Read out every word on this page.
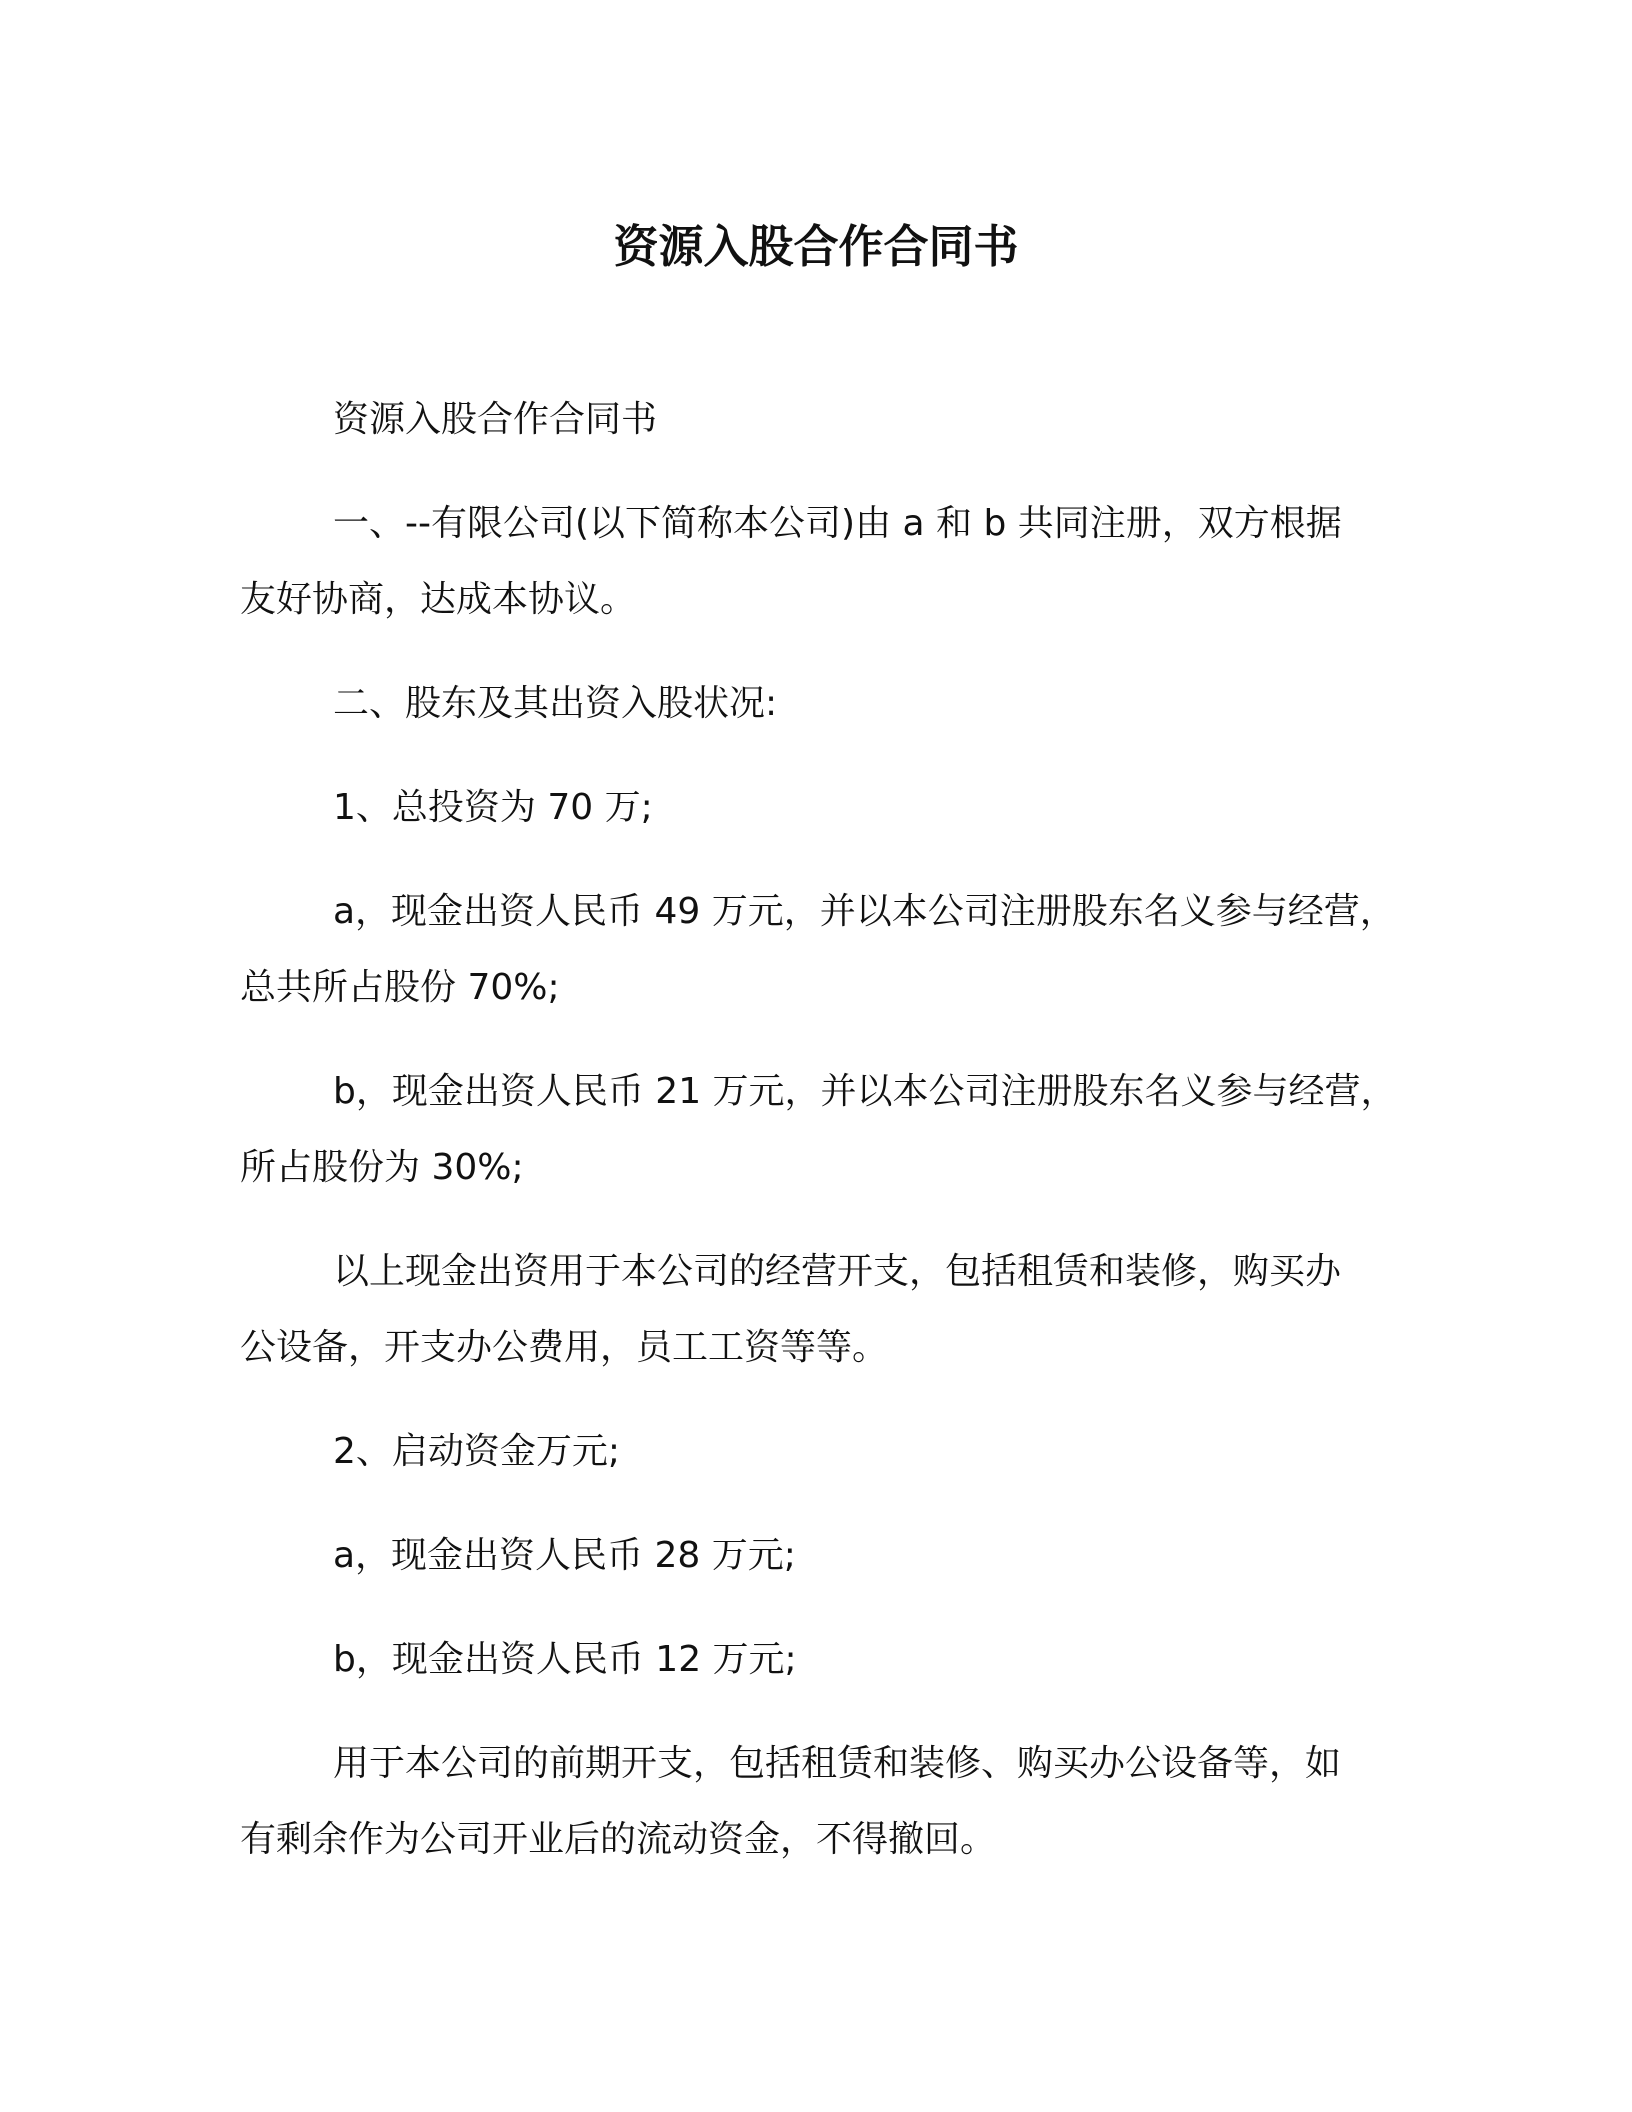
资源入股合作合同书
资源入股合作合同书
一、--有限公司(以下简称本公司)由 a 和 b 共同注册，双方根据
友好协商，达成本协议。
二、股东及其出资入股状况:
1、总投资为 70 万;
a，现金出资人民币 49 万元，并以本公司注册股东名义参与经营，
总共所占股份 70%;
b，现金出资人民币 21 万元，并以本公司注册股东名义参与经营，
所占股份为 30%;
以上现金出资用于本公司的经营开支，包括租赁和装修，购买办
公设备，开支办公费用，员工工资等等。
2、启动资金万元;
a，现金出资人民币 28 万元;
b，现金出资人民币 12 万元;
用于本公司的前期开支，包括租赁和装修、购买办公设备等，如
有剩余作为公司开业后的流动资金，不得撤回。
